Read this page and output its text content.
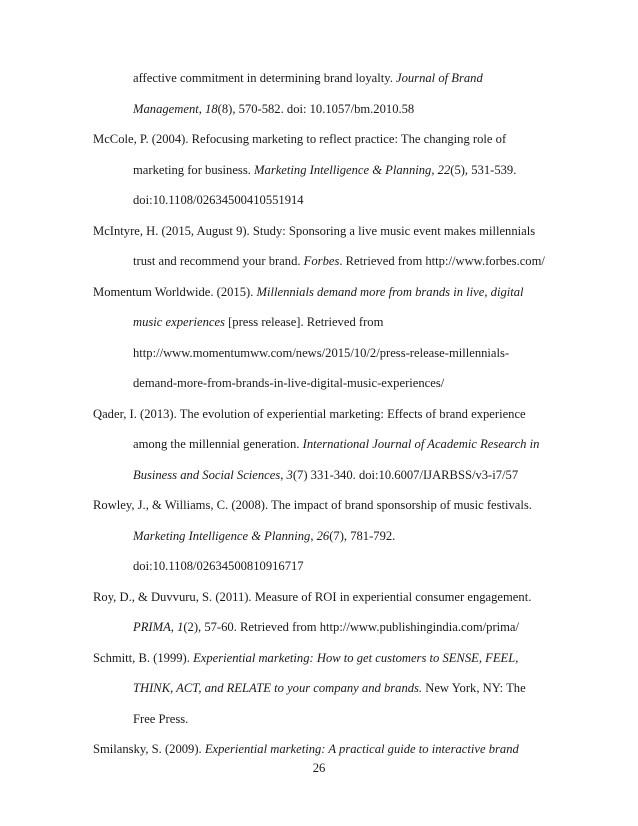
affective commitment in determining brand loyalty. Journal of Brand
Management, 18(8), 570-582. doi: 10.1057/bm.2010.58
McCole, P. (2004). Refocusing marketing to reflect practice: The changing role of
marketing for business. Marketing Intelligence & Planning, 22(5), 531-539.
doi:10.1108/02634500410551914
McIntyre, H. (2015, August 9). Study: Sponsoring a live music event makes millennials
trust and recommend your brand. Forbes. Retrieved from http://www.forbes.com/
Momentum Worldwide. (2015). Millennials demand more from brands in live, digital
music experiences [press release]. Retrieved from
http://www.momentumww.com/news/2015/10/2/press-release-millennials-
demand-more-from-brands-in-live-digital-music-experiences/
Qader, I. (2013). The evolution of experiential marketing: Effects of brand experience
among the millennial generation. International Journal of Academic Research in
Business and Social Sciences, 3(7) 331-340. doi:10.6007/IJARBSS/v3-i7/57
Rowley, J., & Williams, C. (2008). The impact of brand sponsorship of music festivals.
Marketing Intelligence & Planning, 26(7), 781-792.
doi:10.1108/02634500810916717
Roy, D., & Duvvuru, S. (2011). Measure of ROI in experiential consumer engagement.
PRIMA, 1(2), 57-60. Retrieved from http://www.publishingindia.com/prima/
Schmitt, B. (1999). Experiential marketing: How to get customers to SENSE, FEEL,
THINK, ACT, and RELATE to your company and brands. New York, NY: The
Free Press.
Smilansky, S. (2009). Experiential marketing: A practical guide to interactive brand
26
